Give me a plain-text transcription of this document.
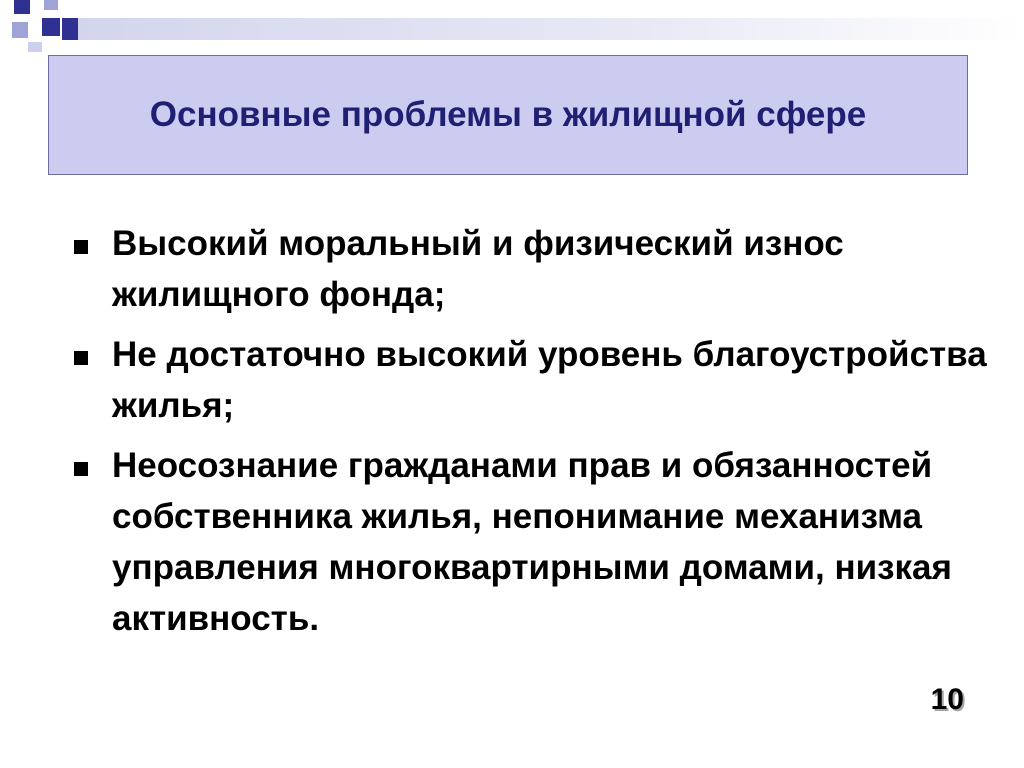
Основные проблемы в жилищной сфере
Высокий моральный и физический износ жилищного фонда;
Не достаточно высокий уровень благоустройства жилья;
Неосознание гражданами прав и обязанностей собственника жилья, непонимание механизма управления многоквартирными домами, низкая активность.
10
